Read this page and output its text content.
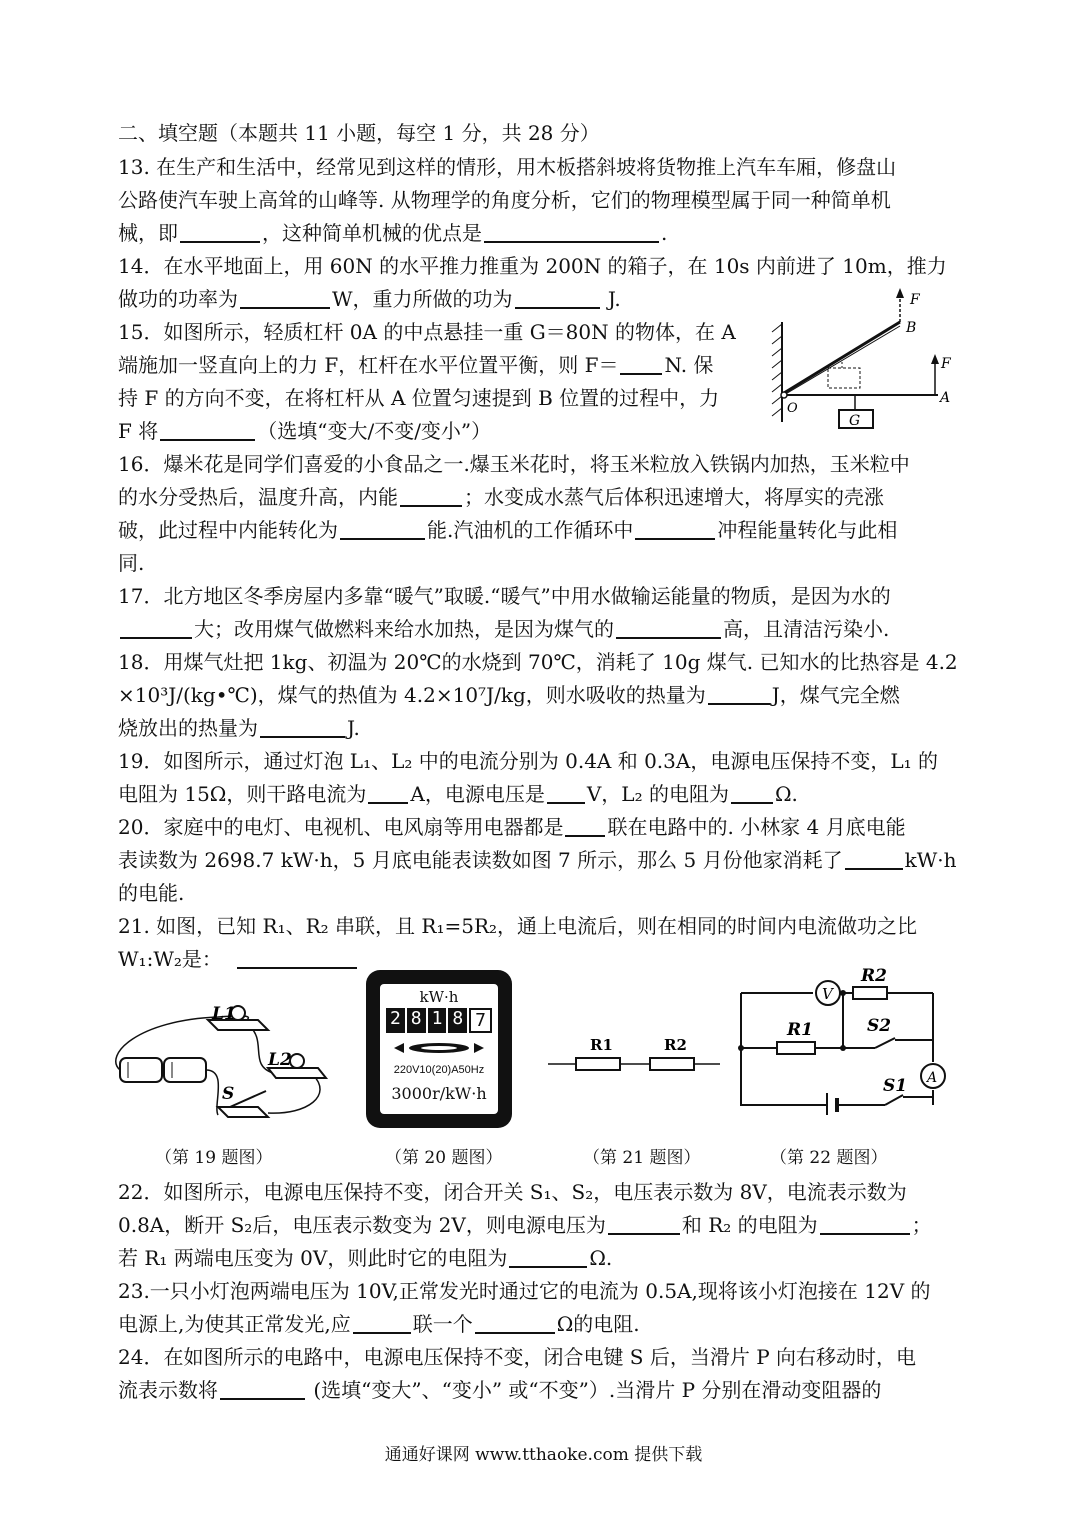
二、填空题（本题共 11 小题，每空 1 分，共 28 分）
13. 在生产和生活中，经常见到这样的情形，用木板搭斜坡将货物推上汽车车厢，修盘山
公路使汽车驶上高耸的山峰等. 从物理学的角度分析，它们的物理模型属于同一种简单机
械，即	，这种简单机械的优点是	.
14．在水平地面上，用 60N 的水平推力推重为 200N 的箱子，在 10s 内前进了 10m，推力
做功的功率为	W，重力所做的功为	J.
15．如图所示，轻质杠杆 0A 的中点悬挂一重 G＝80N 的物体，在 A
端施加一竖直向上的力 F，杠杆在水平位置平衡，则 F＝ N. 保
持 F 的方向不变，在将杠杆从 A 位置匀速提到 B 位置的过程中，力
F 将	（选填“变大/不变/变小”）
F
B
F
A
O
G
16．爆米花是同学们喜爱的小食品之一.爆玉米花时，将玉米粒放入铁锅内加热，玉米粒中
的水分受热后，温度升高，内能	；水变成水蒸气后体积迅速增大，将厚实的壳涨
破，此过程中内能转化为	能.汽油机的工作循环中	冲程能量转化与此相
同.
17．北方地区冬季房屋内多靠“暖气”取暖.“暖气”中用水做输运能量的物质，是因为水的
大；改用煤气做燃料来给水加热，是因为煤气的	高，且清洁污染小.
18．用煤气灶把 1kg、初温为 20℃的水烧到 70℃，消耗了 10g 煤气. 已知水的比热容是 4.2
×10³J/(kg•℃)，煤气的热值为 4.2×10⁷J/kg，则水吸收的热量为	J，煤气完全燃
烧放出的热量为	J.
19．如图所示，通过灯泡 L₁、L₂ 中的电流分别为 0.4A 和 0.3A，电源电压保持不变，L₁ 的
电阻为 15Ω，则干路电流为 A，电源电压是 V，L₂ 的电阻为 Ω.
20．家庭中的电灯、电视机、电风扇等用电器都是 联在电路中的. 小林家 4 月底电能
表读数为 2698.7 kW·h，5 月底电能表读数如图 7 所示，那么 5 月份他家消耗了	kW·h
的电能.
21. 如图，已知 R₁、R₂ 串联，且 R₁=5R₂，通上电流后，则在相同的时间内电流做功之比
W₁:W₂是：
L1
L2
S
（第 19 题图）
kW·h
2 8 1 8 7
220V10(20)A50Hz
3000r/kW·h
（第 20 题图）
R1	R2
（第 21 题图）
V
A
R2
R1	S2
S1
（第 22 题图）
22．如图所示，电源电压保持不变，闭合开关 S₁、S₂，电压表示数为 8V，电流表示数为
0.8A，断开 S₂后，电压表示数变为 2V，则电源电压为	和 R₂ 的电阻为	；
若 R₁ 两端电压变为 0V，则此时它的电阻为	Ω.
23.一只小灯泡两端电压为 10V,正常发光时通过它的电流为 0.5A,现将该小灯泡接在 12V 的
电源上,为使其正常发光,应	联一个	Ω的电阻.
24．在如图所示的电路中，电源电压保持不变，闭合电键 S 后，当滑片 P 向右移动时，电
流表示数将	(选填“变大”、“变小” 或“不变”）.当滑片 P 分别在滑动变阻器的
通通好课网 www.tthaoke.com 提供下载
